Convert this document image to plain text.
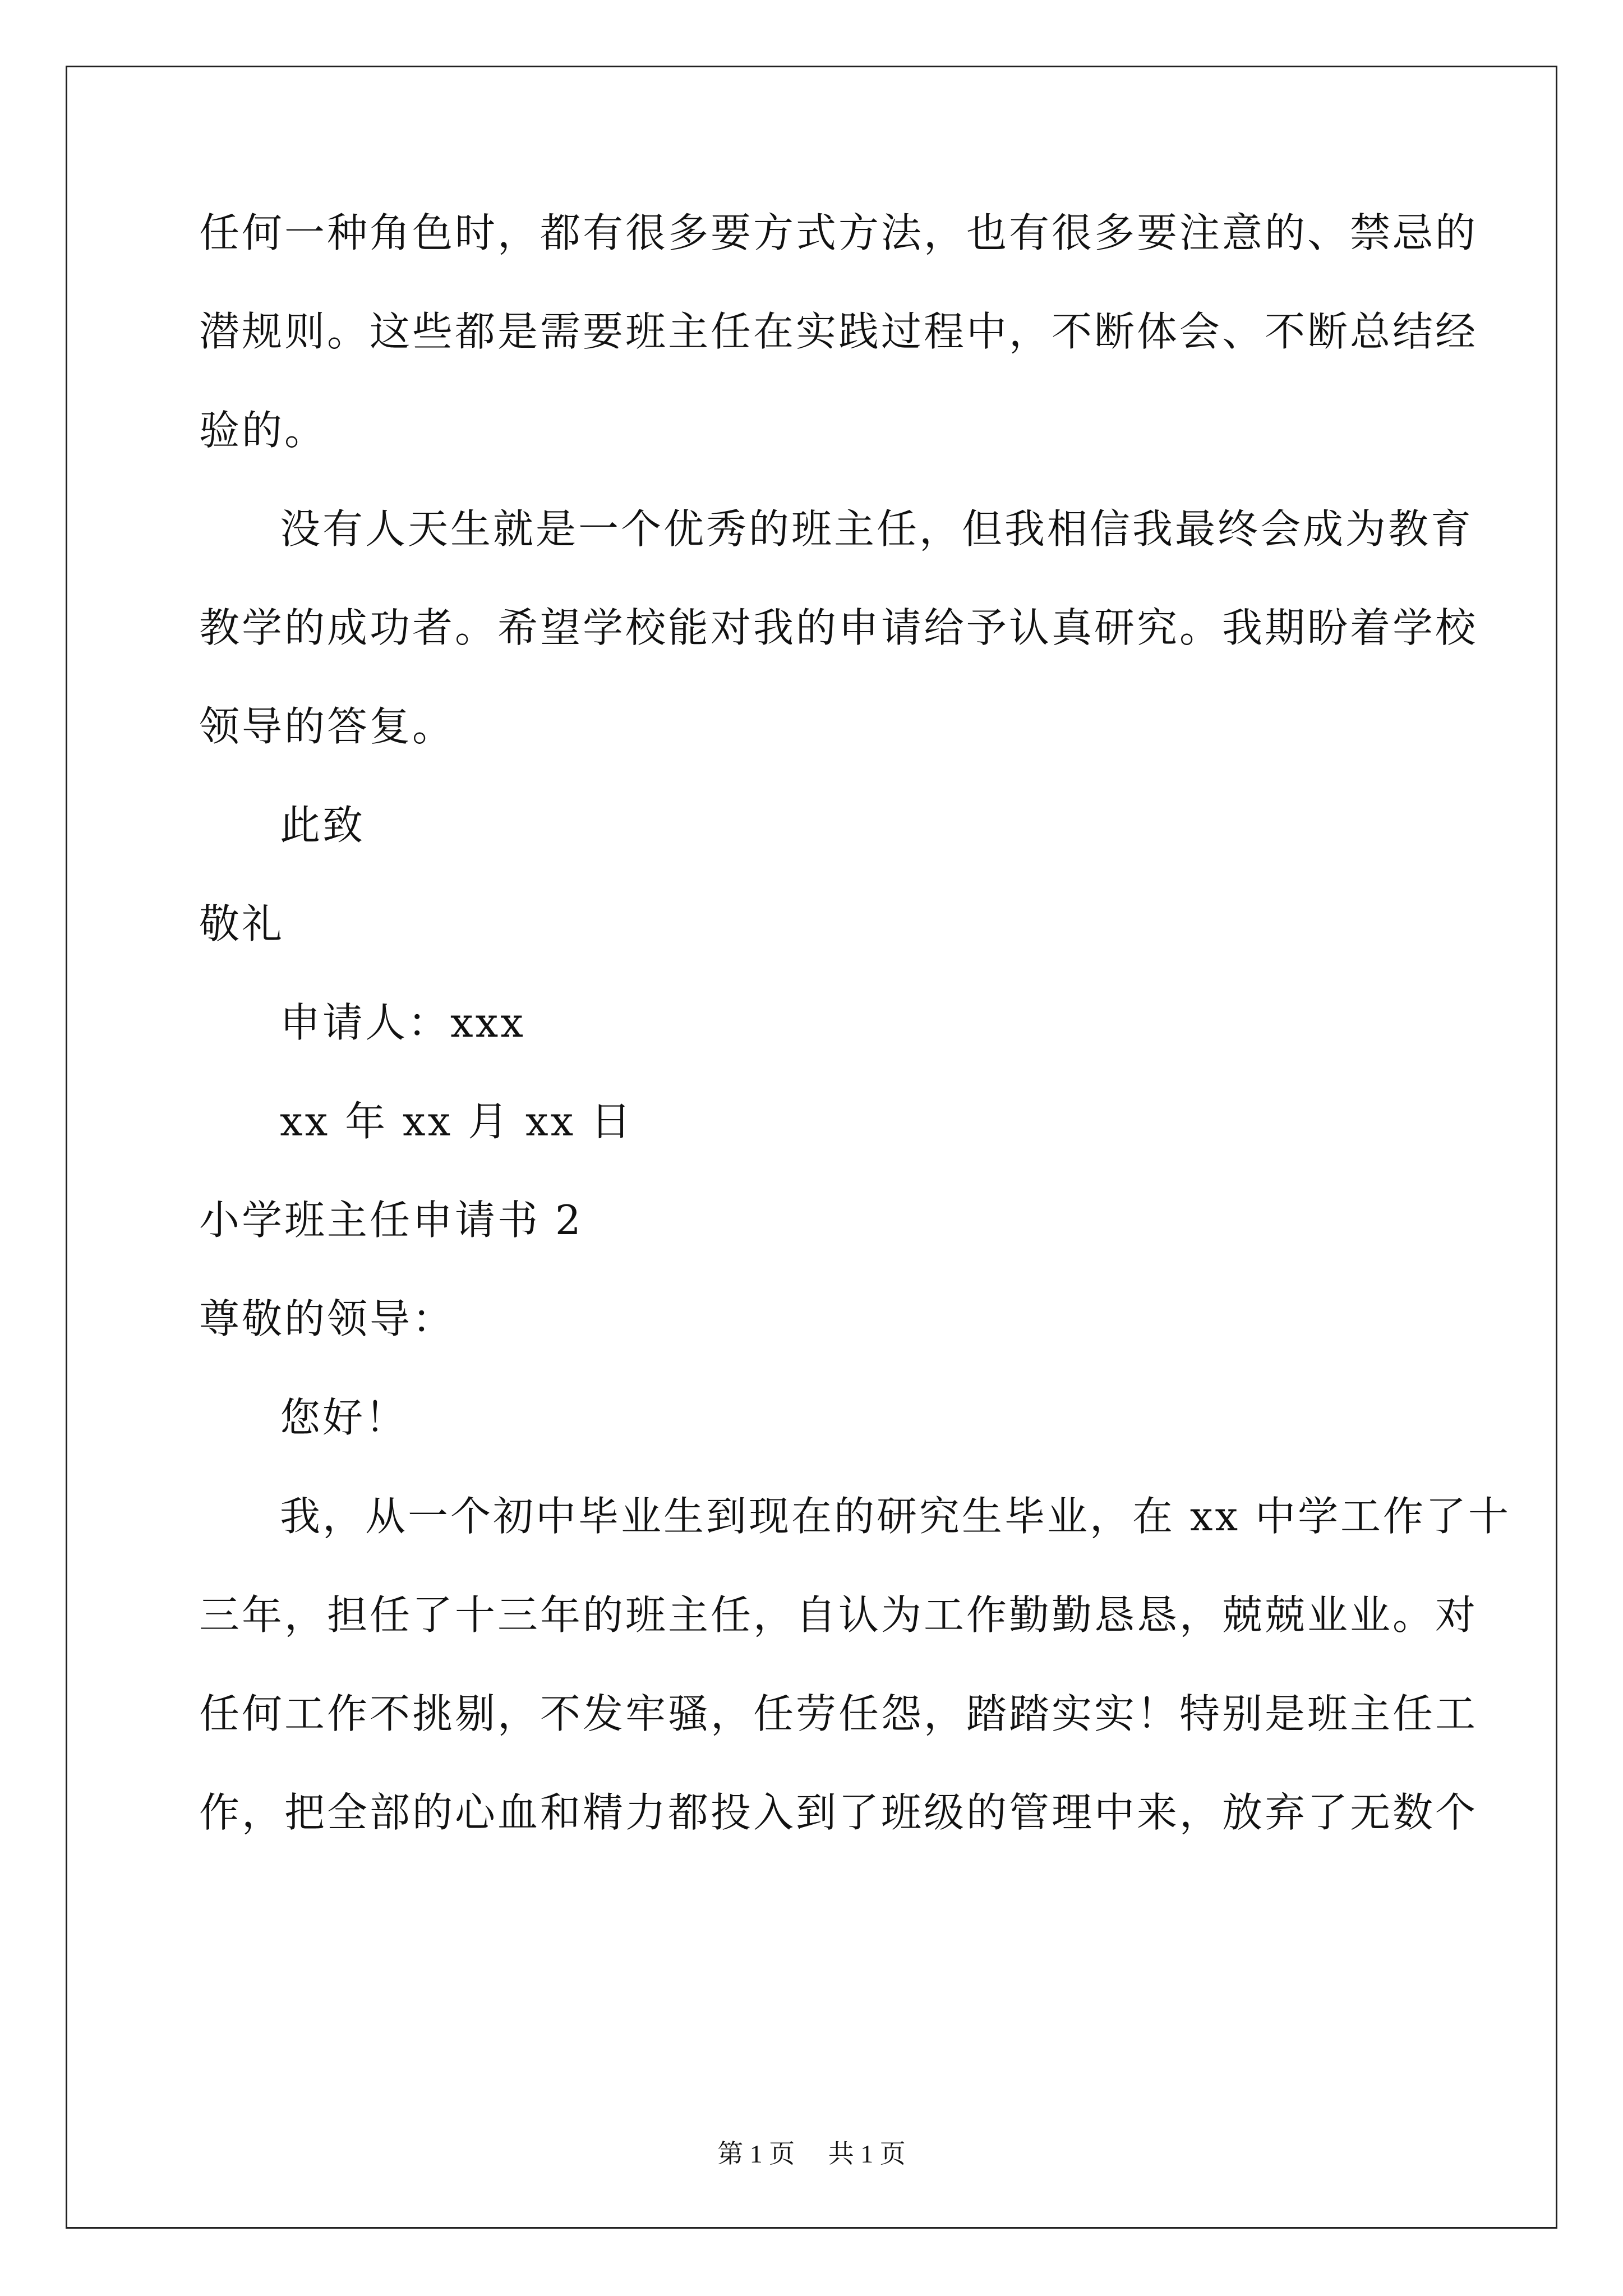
任何一种角色时，都有很多要方式方法，也有很多要注意的、禁忌的
潜规则。这些都是需要班主任在实践过程中，不断体会、不断总结经
验的。
没有人天生就是一个优秀的班主任，但我相信我最终会成为教育
教学的成功者。希望学校能对我的申请给予认真研究。我期盼着学校
领导的答复。
此致
敬礼
申请人：xxx
xx 年 xx 月 xx 日
小学班主任申请书 2
尊敬的领导：
您好！
我，从一个初中毕业生到现在的研究生毕业，在 xx 中学工作了十
三年，担任了十三年的班主任，自认为工作勤勤恳恳，兢兢业业。对
任何工作不挑剔，不发牢骚，任劳任怨，踏踏实实！特别是班主任工
作，把全部的心血和精力都投入到了班级的管理中来，放弃了无数个
第 1 页 共 1 页
